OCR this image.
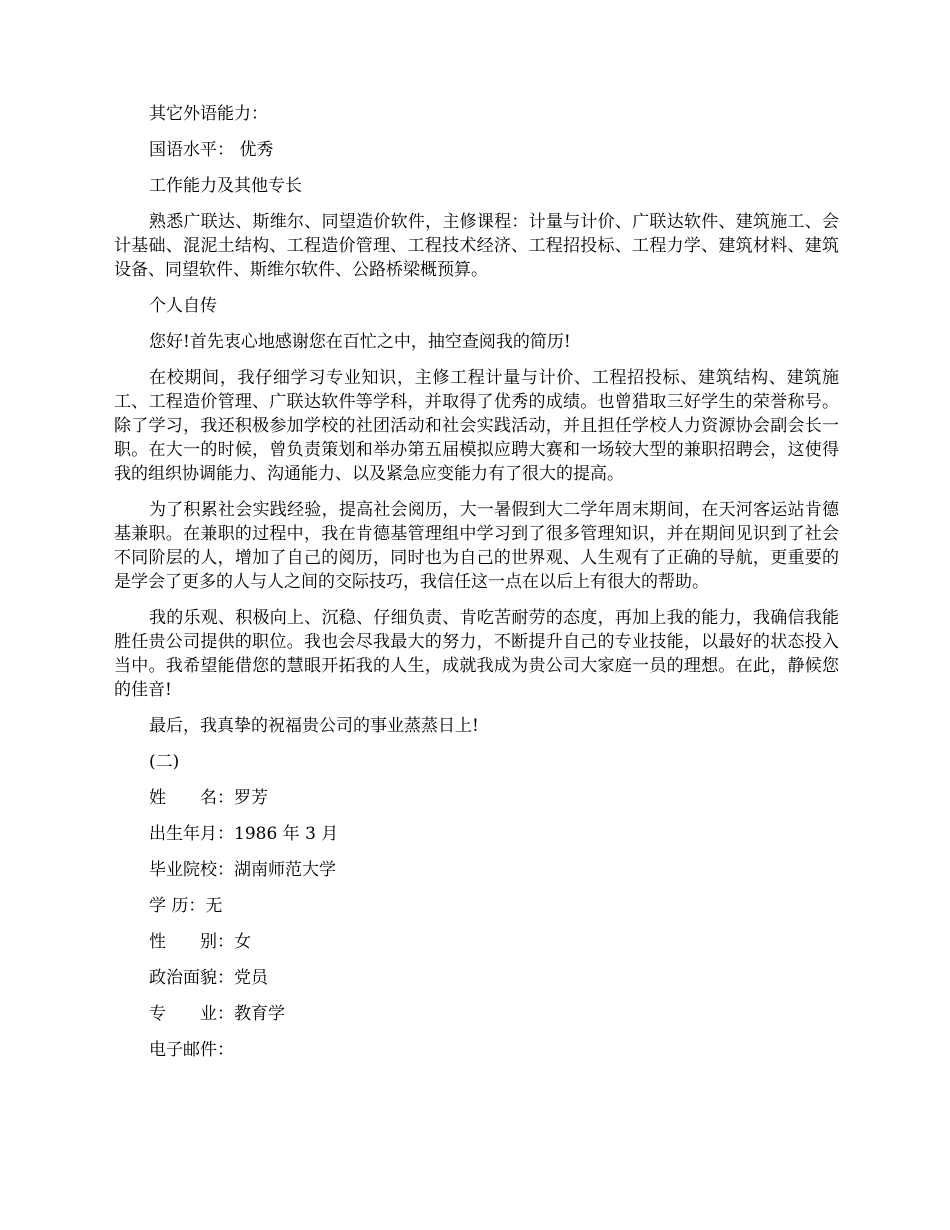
其它外语能力：

国语水平： 优秀

工作能力及其他专长

熟悉广联达、斯维尔、同望造价软件，主修课程：计量与计价、广联达软件、建筑施工、会计基础、混泥土结构、工程造价管理、工程技术经济、工程招投标、工程力学、建筑材料、建筑设备、同望软件、斯维尔软件、公路桥梁概预算。

个人自传

您好!首先衷心地感谢您在百忙之中，抽空查阅我的简历!

在校期间，我仔细学习专业知识，主修工程计量与计价、工程招投标、建筑结构、建筑施工、工程造价管理、广联达软件等学科，并取得了优秀的成绩。也曾猎取三好学生的荣誉称号。除了学习，我还积极参加学校的社团活动和社会实践活动，并且担任学校人力资源协会副会长一职。在大一的时候，曾负责策划和举办第五届模拟应聘大赛和一场较大型的兼职招聘会，这使得我的组织协调能力、沟通能力、以及紧急应变能力有了很大的提高。

为了积累社会实践经验，提高社会阅历，大一暑假到大二学年周末期间，在天河客运站肯德基兼职。在兼职的过程中，我在肯德基管理组中学习到了很多管理知识，并在期间见识到了社会不同阶层的人，增加了自己的阅历，同时也为自己的世界观、人生观有了正确的导航，更重要的是学会了更多的人与人之间的交际技巧，我信任这一点在以后上有很大的帮助。

我的乐观、积极向上、沉稳、仔细负责、肯吃苦耐劳的态度，再加上我的能力，我确信我能胜任贵公司提供的职位。我也会尽我最大的努力，不断提升自己的专业技能，以最好的状态投入当中。我希望能借您的慧眼开拓我的人生，成就我成为贵公司大家庭一员的理想。在此，静候您的佳音!

最后，我真挚的祝福贵公司的事业蒸蒸日上!

(二)

姓　　名：罗芳

出生年月：1986 年 3 月

毕业院校：湖南师范大学

学 历：无

性　　别：女

政治面貌：党员

专　　业：教育学

电子邮件：
